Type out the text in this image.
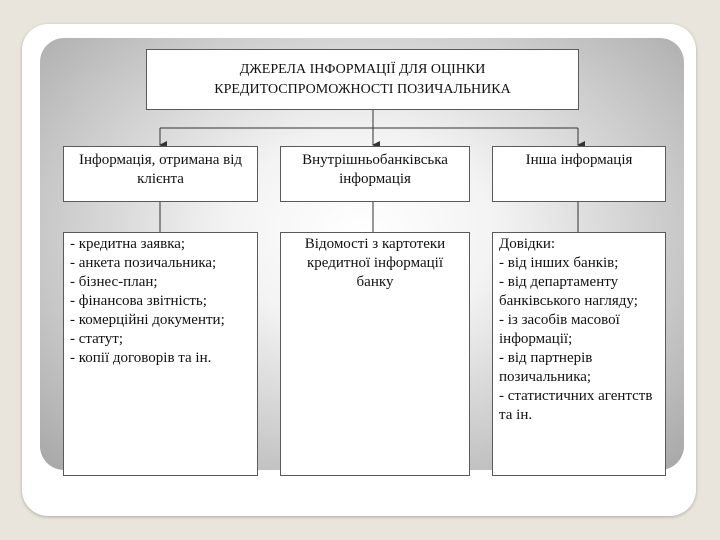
ДЖЕРЕЛА ІНФОРМАЦІЇ ДЛЯ ОЦІНКИ
КРЕДИТОСПРОМОЖНОСТІ ПОЗИЧАЛЬНИКА
Інформація, отримана від клієнта
Внутрішньобанківська інформація
Інша інформація
- кредитна заявка;
- анкета позичальника;
- бізнес-план;
- фінансова звітність;
- комерційні документи;
- статут;
- копії договорів та ін.
Відомості з картотеки кредитної інформації банку
Довідки:
- від інших банків;
- від департаменту банківського нагляду;
- із засобів масової інформації;
- від партнерів позичальника;
- статистичних агентств та ін.
